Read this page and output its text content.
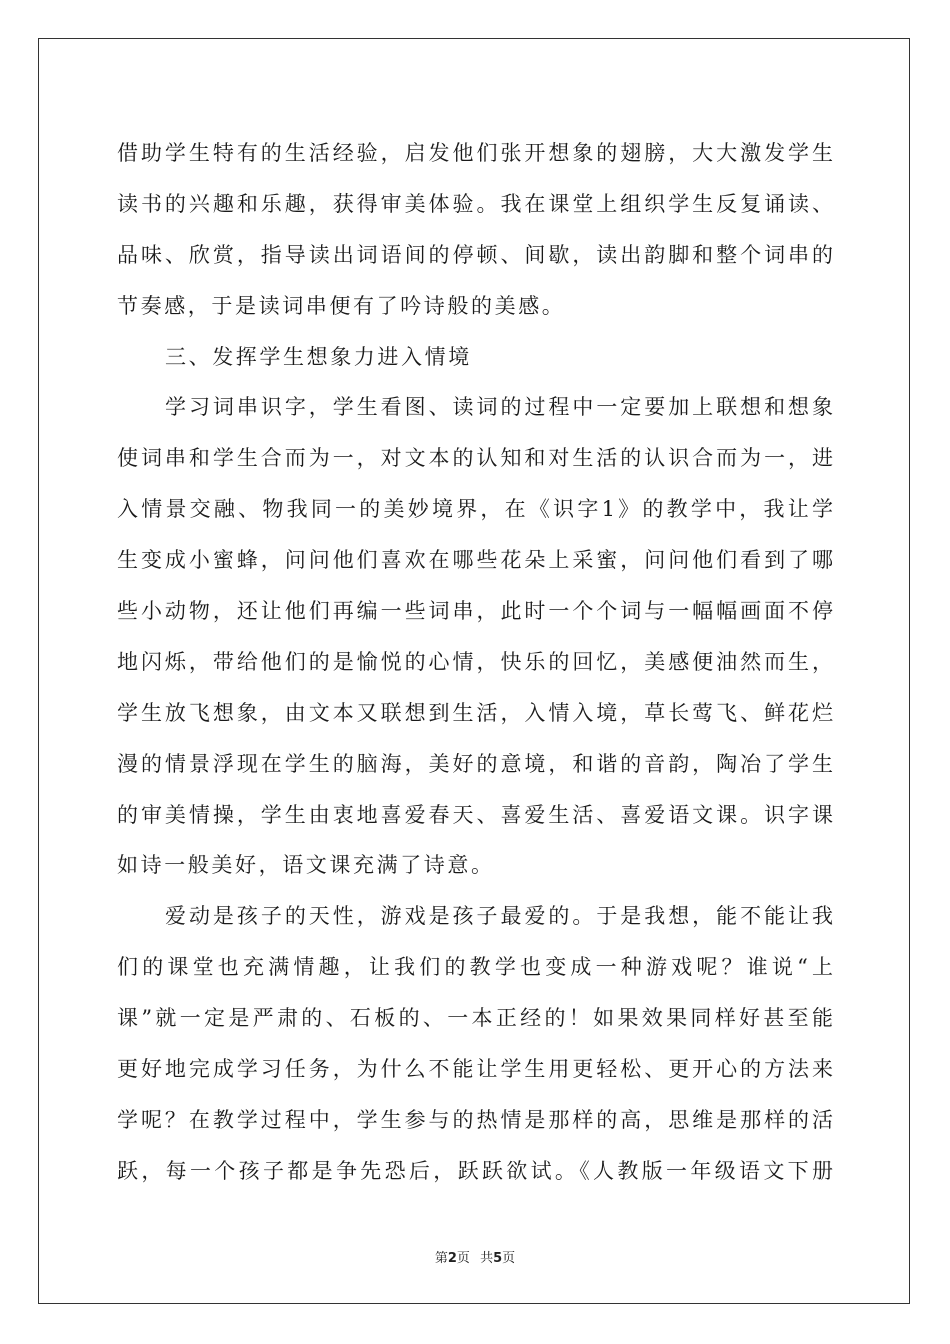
借助学生特有的生活经验，启发他们张开想象的翅膀，大大激发学生
读书的兴趣和乐趣，获得审美体验。我在课堂上组织学生反复诵读、
品味、欣赏，指导读出词语间的停顿、间歇，读出韵脚和整个词串的
节奏感，于是读词串便有了吟诗般的美感。
三、发挥学生想象力进入情境
学习词串识字，学生看图、读词的过程中一定要加上联想和想象
使词串和学生合而为一，对文本的认知和对生活的认识合而为一，进
入情景交融、物我同一的美妙境界，在《识字1》的教学中，我让学
生变成小蜜蜂，问问他们喜欢在哪些花朵上采蜜，问问他们看到了哪
些小动物，还让他们再编一些词串，此时一个个词与一幅幅画面不停
地闪烁，带给他们的是愉悦的心情，快乐的回忆，美感便油然而生，
学生放飞想象，由文本又联想到生活，入情入境，草长莺飞、鲜花烂
漫的情景浮现在学生的脑海，美好的意境，和谐的音韵，陶冶了学生
的审美情操，学生由衷地喜爱春天、喜爱生活、喜爱语文课。识字课
如诗一般美好，语文课充满了诗意。
爱动是孩子的天性，游戏是孩子最爱的。于是我想，能不能让我
们的课堂也充满情趣，让我们的教学也变成一种游戏呢？谁说“上
课”就一定是严肃的、石板的、一本正经的！如果效果同样好甚至能
更好地完成学习任务，为什么不能让学生用更轻松、更开心的方法来
学呢？在教学过程中，学生参与的热情是那样的高，思维是那样的活
跃，每一个孩子都是争先恐后，跃跃欲试。《人教版一年级语文下册
第2页 共5页
